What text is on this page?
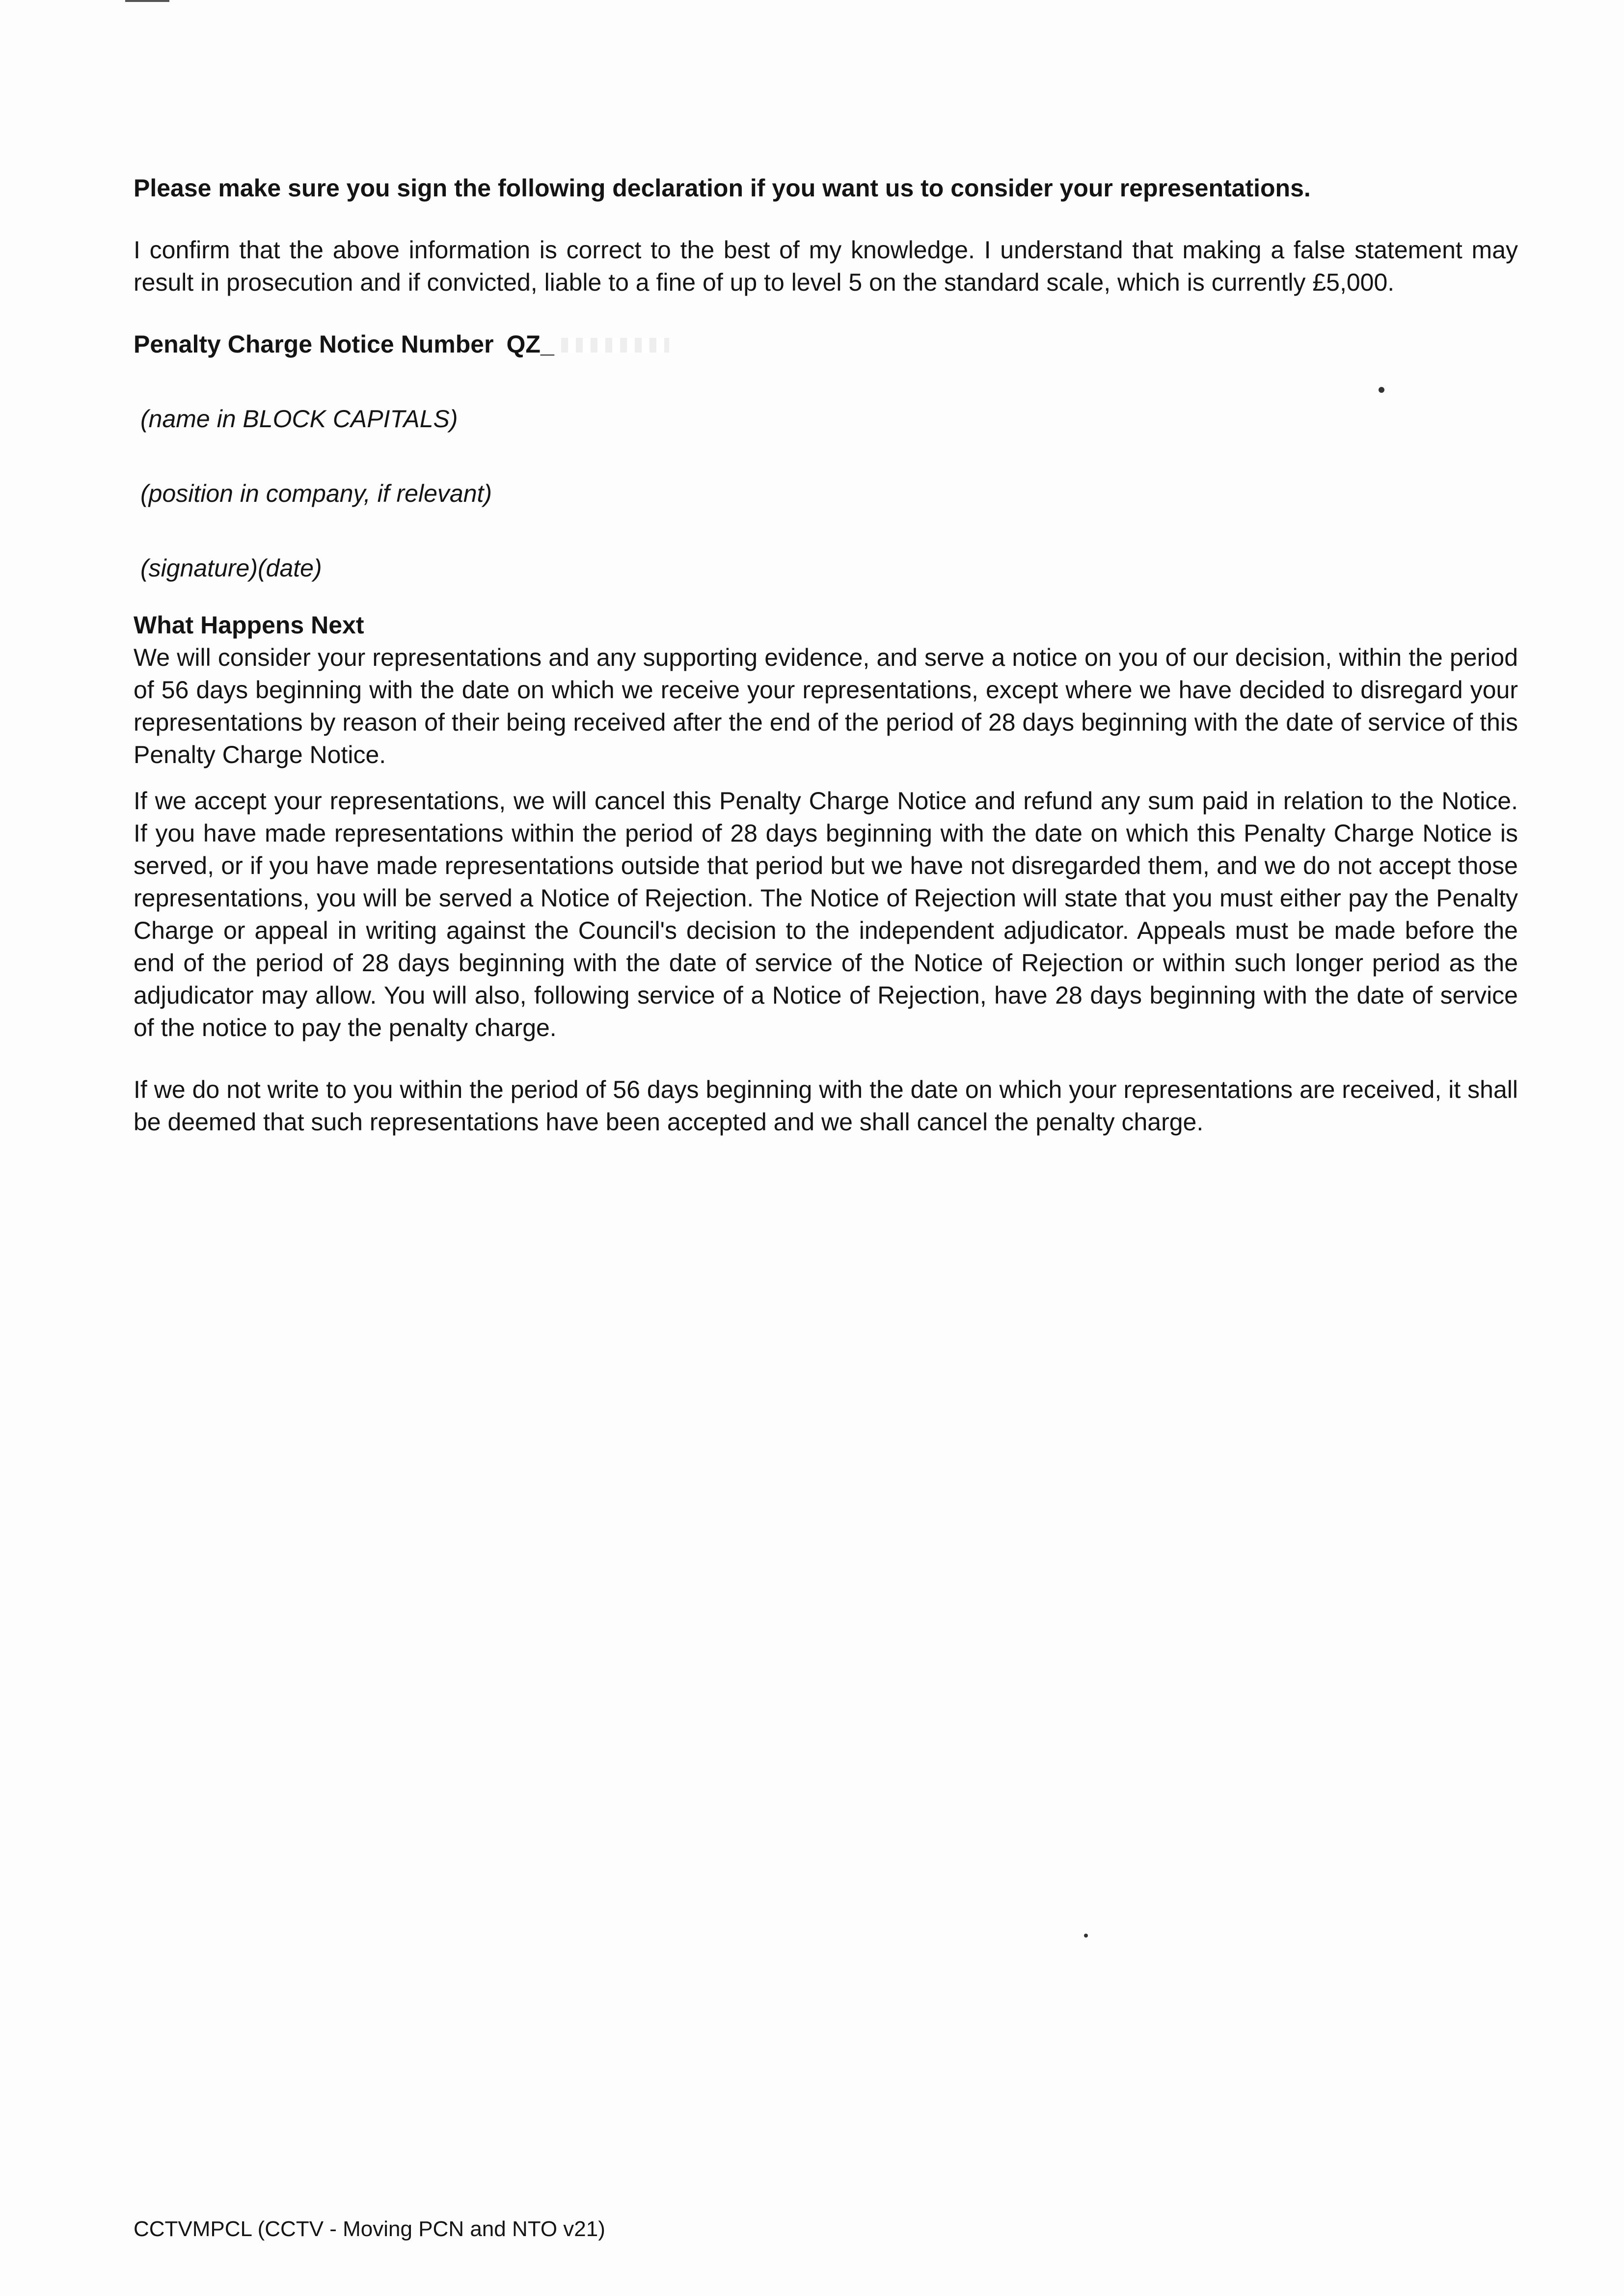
Please make sure you sign the following declaration if you want us to consider your representations.

I confirm that the above information is correct to the best of my knowledge. I understand that making a false statement may result in prosecution and if convicted, liable to a fine of up to level 5 on the standard scale, which is currently £5,000.

Penalty Charge Notice Number QZ_
(name in BLOCK CAPITALS)
(position in company, if relevant)
(signature) (date)
What Happens Next

We will consider your representations and any supporting evidence, and serve a notice on you of our decision, within the period of 56 days beginning with the date on which we receive your representations, except where we have decided to disregard your representations by reason of their being received after the end of the period of 28 days beginning with the date of service of this Penalty Charge Notice.

If we accept your representations, we will cancel this Penalty Charge Notice and refund any sum paid in relation to the Notice. If you have made representations within the period of 28 days beginning with the date on which this Penalty Charge Notice is served, or if you have made representations outside that period but we have not disregarded them, and we do not accept those representations, you will be served a Notice of Rejection. The Notice of Rejection will state that you must either pay the Penalty Charge or appeal in writing against the Council's decision to the independent adjudicator. Appeals must be made before the end of the period of 28 days beginning with the date of service of the Notice of Rejection or within such longer period as the adjudicator may allow. You will also, following service of a Notice of Rejection, have 28 days beginning with the date of service of the notice to pay the penalty charge.

If we do not write to you within the period of 56 days beginning with the date on which your representations are received, it shall be deemed that such representations have been accepted and we shall cancel the penalty charge.

CCTVMPCL (CCTV - Moving PCN and NTO v21)
